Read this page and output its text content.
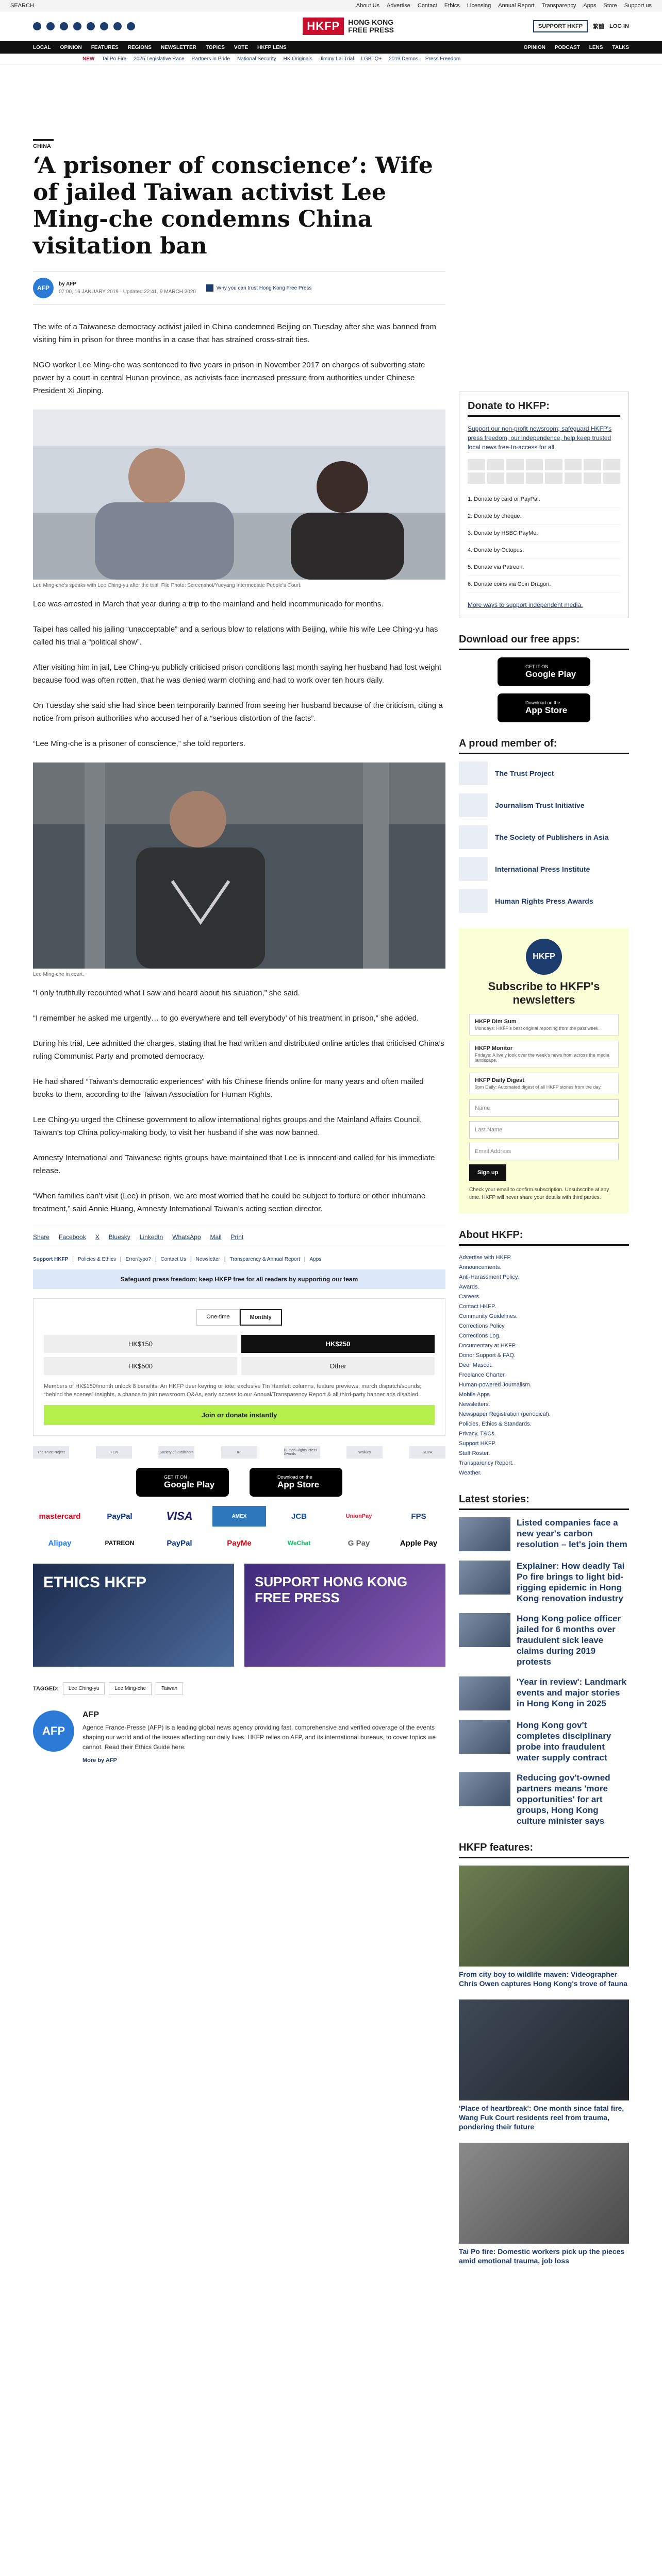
SEARCH	About Us Advertise Contact Ethics Licensing Annual Report Transparency Apps Store Support us
HKFP	HONG KONG
FREE PRESS	SUPPORT HKFP	繁體 LOG IN
LOCAL OPINION FEATURES REGIONS NEWSLETTER TOPICS VOTE HKFP LENS	OPINION PODCAST LENS TALKS
NEW Tai Po Fire 2025 Legislative Race Partners in Pride National Security HK Originals Jimmy Lai Trial LGBTQ+ 2019 Demos Press Freedom
CHINA
‘A prisoner of conscience’: Wife of jailed Taiwan activist Lee Ming-che condemns China visitation ban
AFP
by AFP
07:00, 16 JANUARY 2019 · Updated 22:41, 9 MARCH 2020
Why you can trust Hong Kong Free Press

The wife of a Taiwanese democracy activist jailed in China condemned Beijing on Tuesday after she was banned from visiting him in prison for three months in a case that has strained cross-strait ties.

NGO worker Lee Ming-che was sentenced to five years in prison in November 2017 on charges of subverting state power by a court in central Hunan province, as activists face increased pressure from authorities under Chinese President Xi Jinping.

Lee Ming-che's speaks with Lee Ching-yu after the trial. File Photo: Screenshot/Yueyang Intermediate People's Court.

Lee was arrested in March that year during a trip to the mainland and held incommunicado for months.

Taipei has called his jailing “unacceptable” and a serious blow to relations with Beijing, while his wife Lee Ching-yu has called his trial a “political show”.

After visiting him in jail, Lee Ching-yu publicly criticised prison conditions last month saying her husband had lost weight because food was often rotten, that he was denied warm clothing and had to work over ten hours daily.

On Tuesday she said she had since been temporarily banned from seeing her husband because of the criticism, citing a notice from prison authorities who accused her of a “serious distortion of the facts”.

“Lee Ming-che is a prisoner of conscience,” she told reporters.

Lee Ming-che in court.

“I only truthfully recounted what I saw and heard about his situation,” she said.

“I remember he asked me urgently… to go everywhere and tell everybody’ of his treatment in prison,” she added.

During his trial, Lee admitted the charges, stating that he had written and distributed online articles that criticised China’s ruling Communist Party and promoted democracy.

He had shared “Taiwan’s democratic experiences” with his Chinese friends online for many years and often mailed books to them, according to the Taiwan Association for Human Rights.

Lee Ching-yu urged the Chinese government to allow international rights groups and the Mainland Affairs Council, Taiwan’s top China policy-making body, to visit her husband if she was now banned.

Amnesty International and Taiwanese rights groups have maintained that Lee is innocent and called for his immediate release.

“When families can’t visit (Lee) in prison, we are most worried that he could be subject to torture or other inhumane treatment,” said Annie Huang, Amnesty International Taiwan’s acting section director.

Share Facebook X Bluesky LinkedIn WhatsApp Mail Print
Support HKFP | Policies & Ethics | Error/typo? | Contact Us | Newsletter | Transparency & Annual Report | Apps
Safeguard press freedom; keep HKFP free for all readers by supporting our team
One-time	Monthly
HK$150	HK$250
HK$500	Other
Members of HK$150/month unlock 8 benefits: An HKFP deer keyring or tote; exclusive Tin Hamlett columns, feature previews; march dispatch/sounds; “behind the scenes” insights, a chance to join newsroom Q&As, early access to our Annual/Transparency Report & all third-party banner ads disabled.
Join or donate instantly
The Trust Project	IFCN	Society of Publishers	IPI	Human Rights Press Awards	Walkley	SOPA
GET IT ON
Google Play
Download on the
App Store
mastercard	PayPal	VISA	AMEX	JCB	UnionPay	FPS
Alipay	PATREON	PayPal	PayMe	WeChat	G Pay	Apple Pay
ETHICS HKFP	SUPPORT HONG KONG FREE PRESS
TAGGED:	Lee Ching-yu	Lee Ming-che	Taiwan
AFP
AFP
Agence France-Presse (AFP) is a leading global news agency providing fast, comprehensive and verified coverage of the events shaping our world and of the issues affecting our daily lives. HKFP relies on AFP, and its international bureaus, to cover topics we cannot. Read their Ethics Guide here.
More by AFP
Donate to HKFP:
Support our non-profit newsroom; safeguard HKFP's press freedom, our independence, help keep trusted local news free-to-access for all.
1. Donate by card or PayPal.
2. Donate by cheque.
3. Donate by HSBC PayMe.
4. Donate by Octopus.
5. Donate via Patreon.
6. Donate coins via Coin Dragon.
More ways to support independent media.
Download our free apps:
GET IT ON
Google Play
Download on the
App Store
A proud member of:
The Trust Project
Journalism Trust Initiative
The Society of Publishers in Asia
International Press Institute
Human Rights Press Awards
HKFP
Subscribe to HKFP's newsletters
HKFP Dim Sum
Mondays: HKFP's best original reporting from the past week.
HKFP Monitor
Fridays: A lively look over the week's news from across the media landscape.
HKFP Daily Digest
9pm Daily: Automated digest of all HKFP stories from the day.
Name
Last Name
Email Address
Sign up
Check your email to confirm subscription. Unsubscribe at any time. HKFP will never share your details with third parties.
About HKFP:
Advertise with HKFP.
Announcements.
Anti-Harassment Policy.
Awards.
Careers.
Contact HKFP.
Community Guidelines.
Corrections Policy.
Corrections Log.
Documentary at HKFP.
Donor Support & FAQ.
Deer Mascot.
Freelance Charter.
Human-powered Journalism.
Mobile Apps.
Newsletters.
Newspaper Registration (periodical).
Policies, Ethics & Standards.
Privacy, T&Cs.
Support HKFP.
Staff Roster.
Transparency Report.
Weather.
Latest stories:
Listed companies face a new year's carbon resolution – let's join them
Explainer: How deadly Tai Po fire brings to light bid-rigging epidemic in Hong Kong renovation industry
Hong Kong police officer jailed for 6 months over fraudulent sick leave claims during 2019 protests
'Year in review': Landmark events and major stories in Hong Kong in 2025
Hong Kong gov't completes disciplinary probe into fraudulent water supply contract
Reducing gov't-owned partners means 'more opportunities' for art groups, Hong Kong culture minister says
HKFP features:
From city boy to wildlife maven: Videographer Chris Owen captures Hong Kong's trove of fauna
'Place of heartbreak': One month since fatal fire, Wang Fuk Court residents reel from trauma, pondering their future
Tai Po fire: Domestic workers pick up the pieces amid emotional trauma, job loss
